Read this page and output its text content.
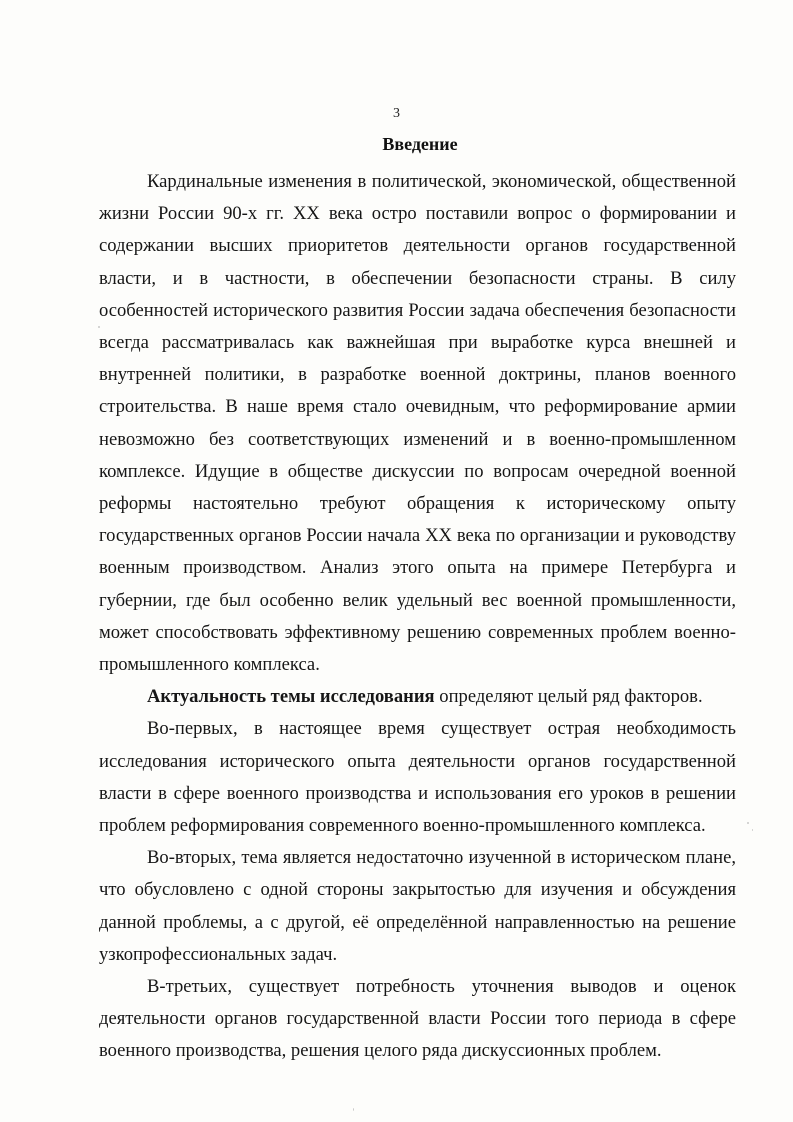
3
Введение

Кардинальные изменения в политической, экономической, общественной жизни России 90-х гг. XX века остро поставили вопрос о формировании и содержании высших приоритетов деятельности органов государственной власти, и в частности, в обеспечении безопасности страны. В силу особенностей исторического развития России задача обеспечения безопасности всегда рассматривалась как важнейшая при выработке курса внешней и внутренней политики, в разработке военной доктрины, планов военного строительства. В наше время стало очевидным, что реформирование армии невозможно без соответствующих изменений и в военно-промышленном комплексе. Идущие в обществе дискуссии по вопросам очередной военной реформы настоятельно требуют обращения к историческому опыту государственных органов России начала XX века по организации и руководству военным производством. Анализ этого опыта на примере Петербурга и губернии, где был особенно велик удельный вес военной промышленности, может способствовать эффективному решению современных проблем военно-промышленного комплекса.

Актуальность темы исследования определяют целый ряд факторов.

Во-первых, в настоящее время существует острая необходимость исследования исторического опыта деятельности органов государственной власти в сфере военного производства и использования его уроков в решении проблем реформирования современного военно-промышленного комплекса.

Во-вторых, тема является недостаточно изученной в историческом плане, что обусловлено с одной стороны закрытостью для изучения и обсуждения данной проблемы, а с другой, её определённой направленностью на решение узкопрофессиональных задач.

В-третьих, существует потребность уточнения выводов и оценок деятельности органов государственной власти России того периода в сфере военного производства, решения целого ряда дискуссионных проблем.
